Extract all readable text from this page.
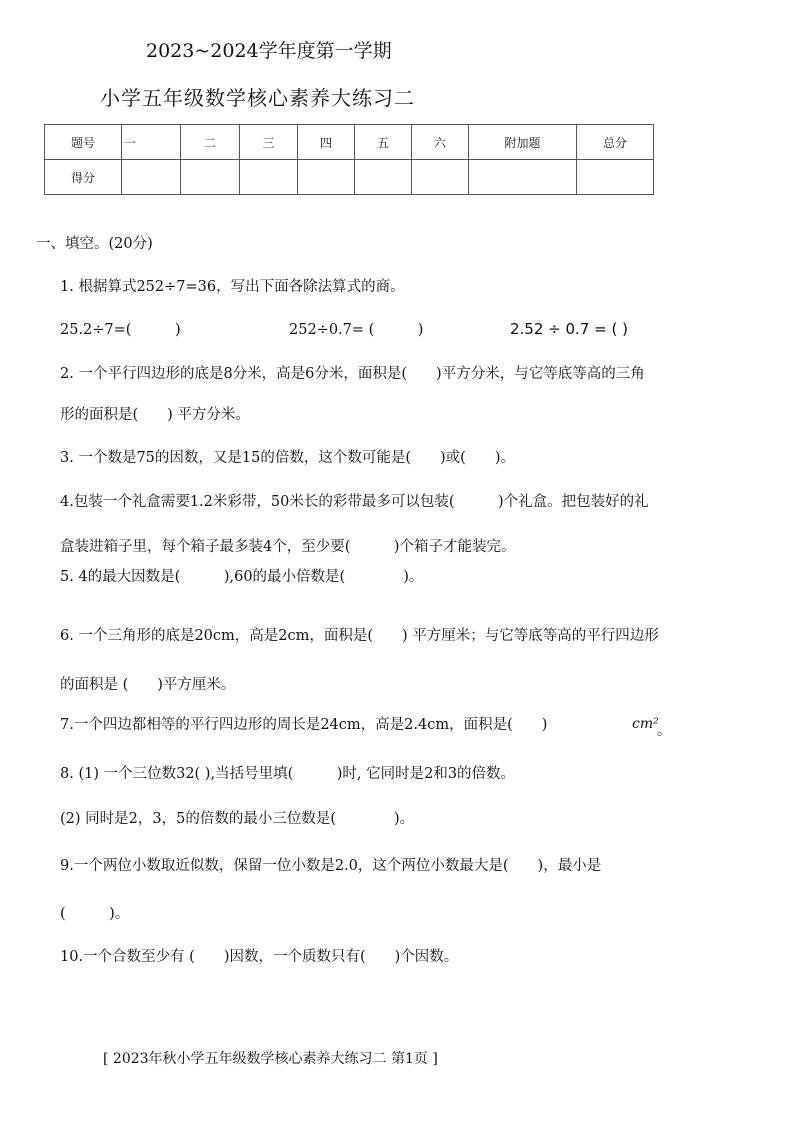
2023~2024学年度第一学期
小学五年级数学核心素养大练习二
题号	一	二	三	四	五	六	附加题	总分
得分								
一、填空。(20分)
1. 根据算式252÷7=36，写出下面各除法算式的商。
25.2÷7=(　　　)	252÷0.7= (　　　)	2.52 ÷ 0.7 = ( )
2. 一个平行四边形的底是8分米，高是6分米，面积是(　　)平方分米，与它等底等高的三角
形的面积是(　　) 平方分米。
3. 一个数是75的因数，又是15的倍数，这个数可能是(　　)或(　　)。
4.包装一个礼盒需要1.2米彩带，50米长的彩带最多可以包装(　　　)个礼盒。把包装好的礼
盒装进箱子里，每个箱子最多装4个，至少要(　　　)个箱子才能装完。
5. 4的最大因数是(　　　),60的最小倍数是(　　　　)。
6. 一个三角形的底是20cm，高是2cm，面积是(　　) 平方厘米；与它等底等高的平行四边形
的面积是 (　　)平方厘米。
7.一个四边都相等的平行四边形的周长是24cm，高是2.4cm，面积是(　　)	cm²
。
8. (1) 一个三位数32( ),当括号里填(　　　)时, 它同时是2和3的倍数。
(2) 同时是2，3，5的倍数的最小三位数是(　　　　)。
9.一个两位小数取近似数，保留一位小数是2.0，这个两位小数最大是(　　)，最小是
(　　　)。
10.一个合数至少有 (　　)因数，一个质数只有(　　)个因数。
[ 2023年秋小学五年级数学核心素养大练习二 第1页 ]
